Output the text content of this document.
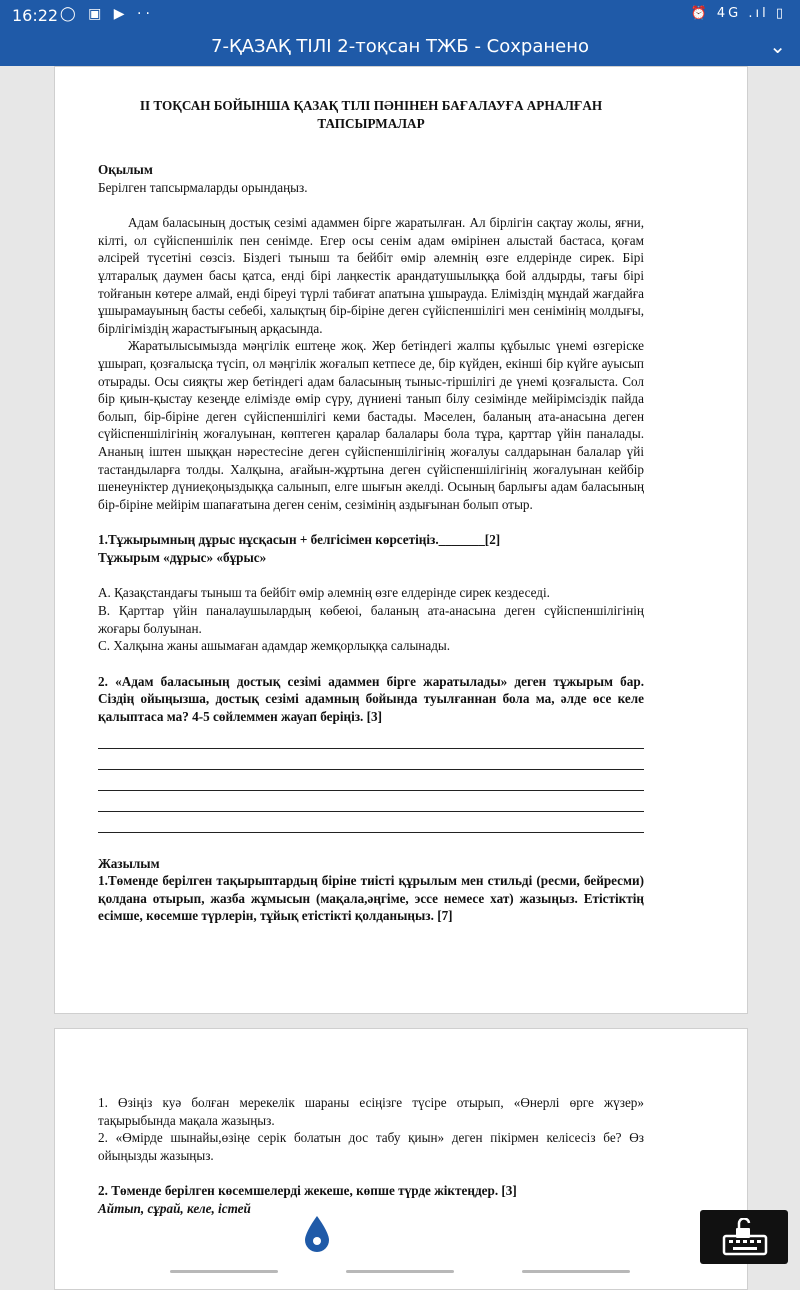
16:22 ◯ ▣ ▶ ··	⏰ 4G .ıl ▯
7-ҚАЗАҚ ТІЛІ 2-тоқсан ТЖБ - Сохранено	⌄
ІІ ТОҚСАН БОЙЫНША ҚАЗАҚ ТІЛІ ПӘНІНЕН БАҒАЛАУҒА АРНАЛҒАН
ТАПСЫРМАЛАР
Оқылым
Берілген тапсырмаларды орындаңыз.
Адам баласының достық сезімі адаммен бірге жаратылған. Ал бірлігін сақтау жолы, яғни, кілті, ол сүйіспеншілік пен сенімде. Егер осы сенім адам өмірінен алыстай бастаса, қоғам әлсірей түсетіні сөзсіз. Біздегі тыныш та бейбіт өмір әлемнің өзге елдерінде сирек. Бірі ұлтаралық даумен басы қатса, енді бірі лаңкестік арандатушылыққа бой алдырды, тағы бірі тойғанын көтере алмай, енді біреуі түрлі табиғат апатына ұшырауда. Еліміздің мұндай жағдайға ұшырамауының басты себебі, халықтың бір-біріне деген сүйіспеншілігі мен сенімінің молдығы, бірлігіміздің жарастығының арқасында.
Жаратылысымызда мәңгілік ештеңе жоқ. Жер бетіндегі жалпы құбылыс үнемі өзгеріске ұшырап, қозғалысқа түсіп, ол мәңгілік жоғалып кетпесе де, бір күйден, екінші бір күйге ауысып отырады. Осы сияқты жер бетіндегі адам баласының тыныс-тіршілігі де үнемі қозғалыста. Сол бір қиын-қыстау кезеңде елімізде өмір сүру, дүниені танып білу сезімінде мейірімсіздік пайда болып, бір-біріне деген сүйіспеншілігі кеми бастады. Мәселен, баланың ата-анасына деген сүйіспеншілігінің жоғалуынан, көптеген қаралар балалары бола тұра, қарттар үйін паналады. Ананың іштен шыққан нәрестесіне деген сүйіспеншілігінің жоғалуы салдарынан балалар үйі тастандыларға толды. Халқына, ағайын-жұртына деген сүйіспеншілігінің жоғалуынан кейбір шенеуніктер дүниеқоңыздыққа салынып, елге шығын әкелді. Осының барлығы адам баласының бір-біріне мейірім шапағатына деген сенім, сезімінің аздығынан болып отыр.
1.Тұжырымның дұрыс нұсқасын + белгісімен көрсетіңіз._______[2]
Тұжырым «дұрыс» «бұрыс»
А. Қазақстандағы тыныш та бейбіт өмір әлемнің өзге елдерінде сирек кездеседі.
В. Қарттар үйін паналаушылардың көбеюі, баланың ата-анасына деген сүйіспеншілігінің жоғары болуынан.
С. Халқына жаны ашымаған адамдар жемқорлыққа салынады.
2. «Адам баласының достық сезімі адаммен бірге жаратылады» деген тұжырым бар. Сіздің ойыңызша, достық сезімі адамның бойында туылғаннан бола ма, әлде өсе келе қалыптаса ма? 4-5 сөйлеммен жауап беріңіз. [3]
Жазылым
1.Төменде берілген тақырыптардың біріне тиісті құрылым мен стильді (ресми, бейресми) қолдана отырып, жазба жұмысын (мақала,әңгіме, эссе немесе хат) жазыңыз. Етістіктің есімше, көсемше түрлерін, тұйық етістікті қолданыңыз. [7]
1. Өзіңіз куә болған мерекелік шараны есіңізге түсіре отырып, «Өнерлі өрге жүзер» тақырыбында мақала жазыңыз.
2. «Өмірде шынайы,өзіңе серік болатын дос табу қиын» деген пікірмен келісесіз бе? Өз ойыңызды жазыңыз.
2. Төменде берілген көсемшелерді жекеше, көпше түрде жіктеңдер. [3]
Айтып, сұрай, келе, істей
